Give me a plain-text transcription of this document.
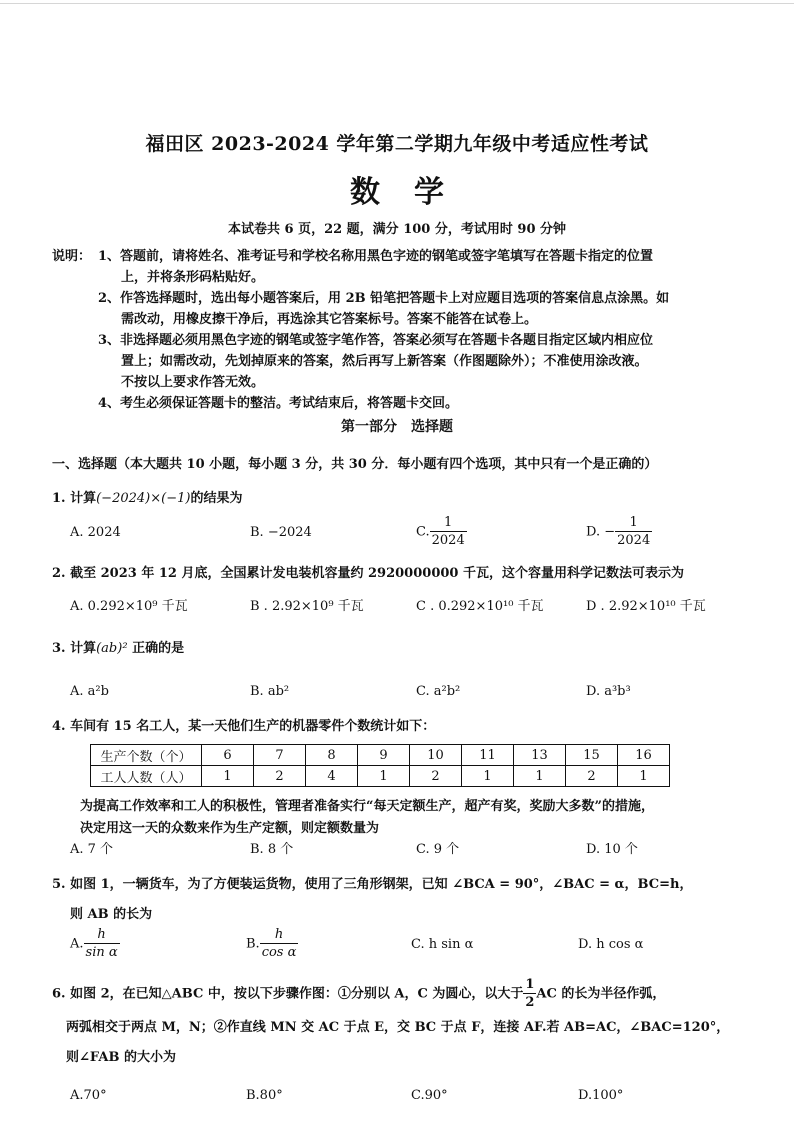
福田区 2023-2024 学年第二学期九年级中考适应性考试
数学
本试卷共 6 页，22 题，满分 100 分，考试用时 90 分钟
说明： 1、答题前，请将姓名、准考证号和学校名称用黑色字迹的钢笔或签字笔填写在答题卡指定的位置
上，并将条形码粘贴好。
2、作答选择题时，选出每小题答案后，用 2B 铅笔把答题卡上对应题目选项的答案信息点涂黑。如
需改动，用橡皮擦干净后，再选涂其它答案标号。答案不能答在试卷上。
3、非选择题必须用黑色字迹的钢笔或签字笔作答，答案必须写在答题卡各题目指定区域内相应位
置上；如需改动，先划掉原来的答案，然后再写上新答案（作图题除外）；不准使用涂改液。
不按以上要求作答无效。
4、考生必须保证答题卡的整洁。考试结束后，将答题卡交回。
第一部分　选择题
一、选择题（本大题共 10 小题，每小题 3 分，共 30 分．每小题有四个选项，其中只有一个是正确的）
1. 计算(−2024)×(−1)的结果为
A. 2024	B. −2024	C. $\frac{1}{2024}$	D. − $\frac{1}{2024}$
2. 截至 2023 年 12 月底，全国累计发电装机容量约 2920000000 千瓦，这个容量用科学记数法可表示为
A. 0.292×10⁹ 千瓦	B . 2.92×10⁹ 千瓦	C . 0.292×10¹⁰ 千瓦	D . 2.92×10¹⁰ 千瓦
3. 计算(ab)² 正确的是
A. a²b	B. ab²	C. a²b²	D. a³b³
4. 车间有 15 名工人，某一天他们生产的机器零件个数统计如下：
生产个数（个）	6	7	8	9	10	11	13	15	16
工人人数（人）	1	2	4	1	2	1	1	2	1
为提高工作效率和工人的积极性，管理者准备实行“每天定额生产，超产有奖，奖励大多数”的措施，
决定用这一天的众数来作为生产定额，则定额数量为
A. 7 个	B. 8 个	C. 9 个	D. 10 个
5. 如图 1，一辆货车，为了方便装运货物，使用了三角形钢架，已知 ∠BCA = 90°，∠BAC = α，BC=h，
则 AB 的长为
A. $\frac{h}{\text{sin α}}$	B. $\frac{h}{\text{cos α}}$	C. h sin α	D. h cos α
6. 如图 2，在已知△ABC 中，按以下步骤作图：①分别以 A，C 为圆心，以大于 $\frac{1}{2}$ AC 的长为半径作弧，
两弧相交于两点 M，N；②作直线 MN 交 AC 于点 E，交 BC 于点 F，连接 AF.若 AB=AC，∠BAC=120°，
则∠FAB 的大小为
A.70°	B.80°	C.90°	D.100°
